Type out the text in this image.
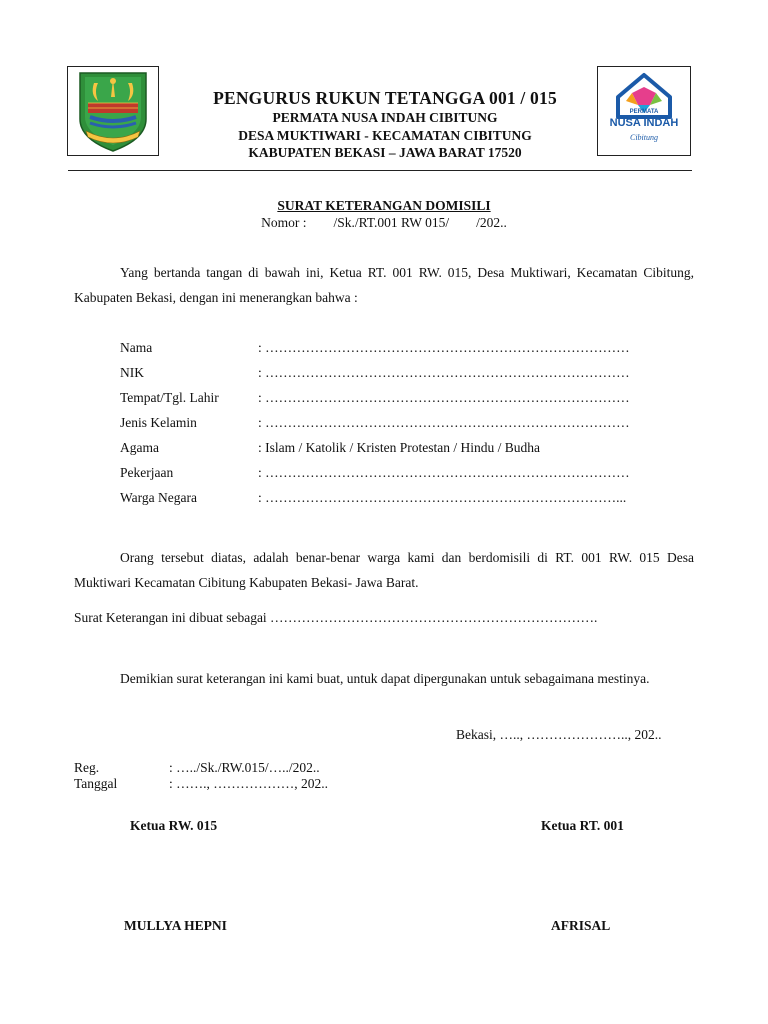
PERMATA
NUSA INDAH
Cibitung
PENGURUS RUKUN TETANGGA 001 / 015
PERMATA NUSA INDAH CIBITUNG
DESA MUKTIWARI - KECAMATAN CIBITUNG
KABUPATEN BEKASI – JAWA BARAT 17520
SURAT KETERANGAN DOMISILI
Nomor :        /Sk./RT.001 RW 015/        /202..
Yang bertanda tangan di bawah ini, Ketua RT. 001 RW. 015, Desa Muktiwari, Kecamatan Cibitung, Kabupaten Bekasi, dengan ini menerangkan bahwa :
Nama	: ………………………………………………………………………
NIK	: ………………………………………………………………………
Tempat/Tgl. Lahir	: ………………………………………………………………………
Jenis Kelamin	: ………………………………………………………………………
Agama	: Islam / Katolik / Kristen Protestan / Hindu / Budha
Pekerjaan	: ………………………………………………………………………
Warga Negara	: ……………………………………………………………………...
Orang tersebut diatas, adalah benar-benar warga kami dan berdomisili di RT. 001 RW. 015 Desa Muktiwari Kecamatan Cibitung Kabupaten Bekasi- Jawa Barat.
Surat Keterangan ini dibuat sebagai ……………………………………………………………….
Demikian surat keterangan ini kami buat, untuk dapat dipergunakan untuk sebagaimana mestinya.
Bekasi, ….., ………………….., 202..
Reg.	: …../Sk./RW.015/…../202..
Tanggal	: ……., ………………, 202..
Ketua RW. 015	Ketua RT. 001
MULLYA HEPNI	AFRISAL
